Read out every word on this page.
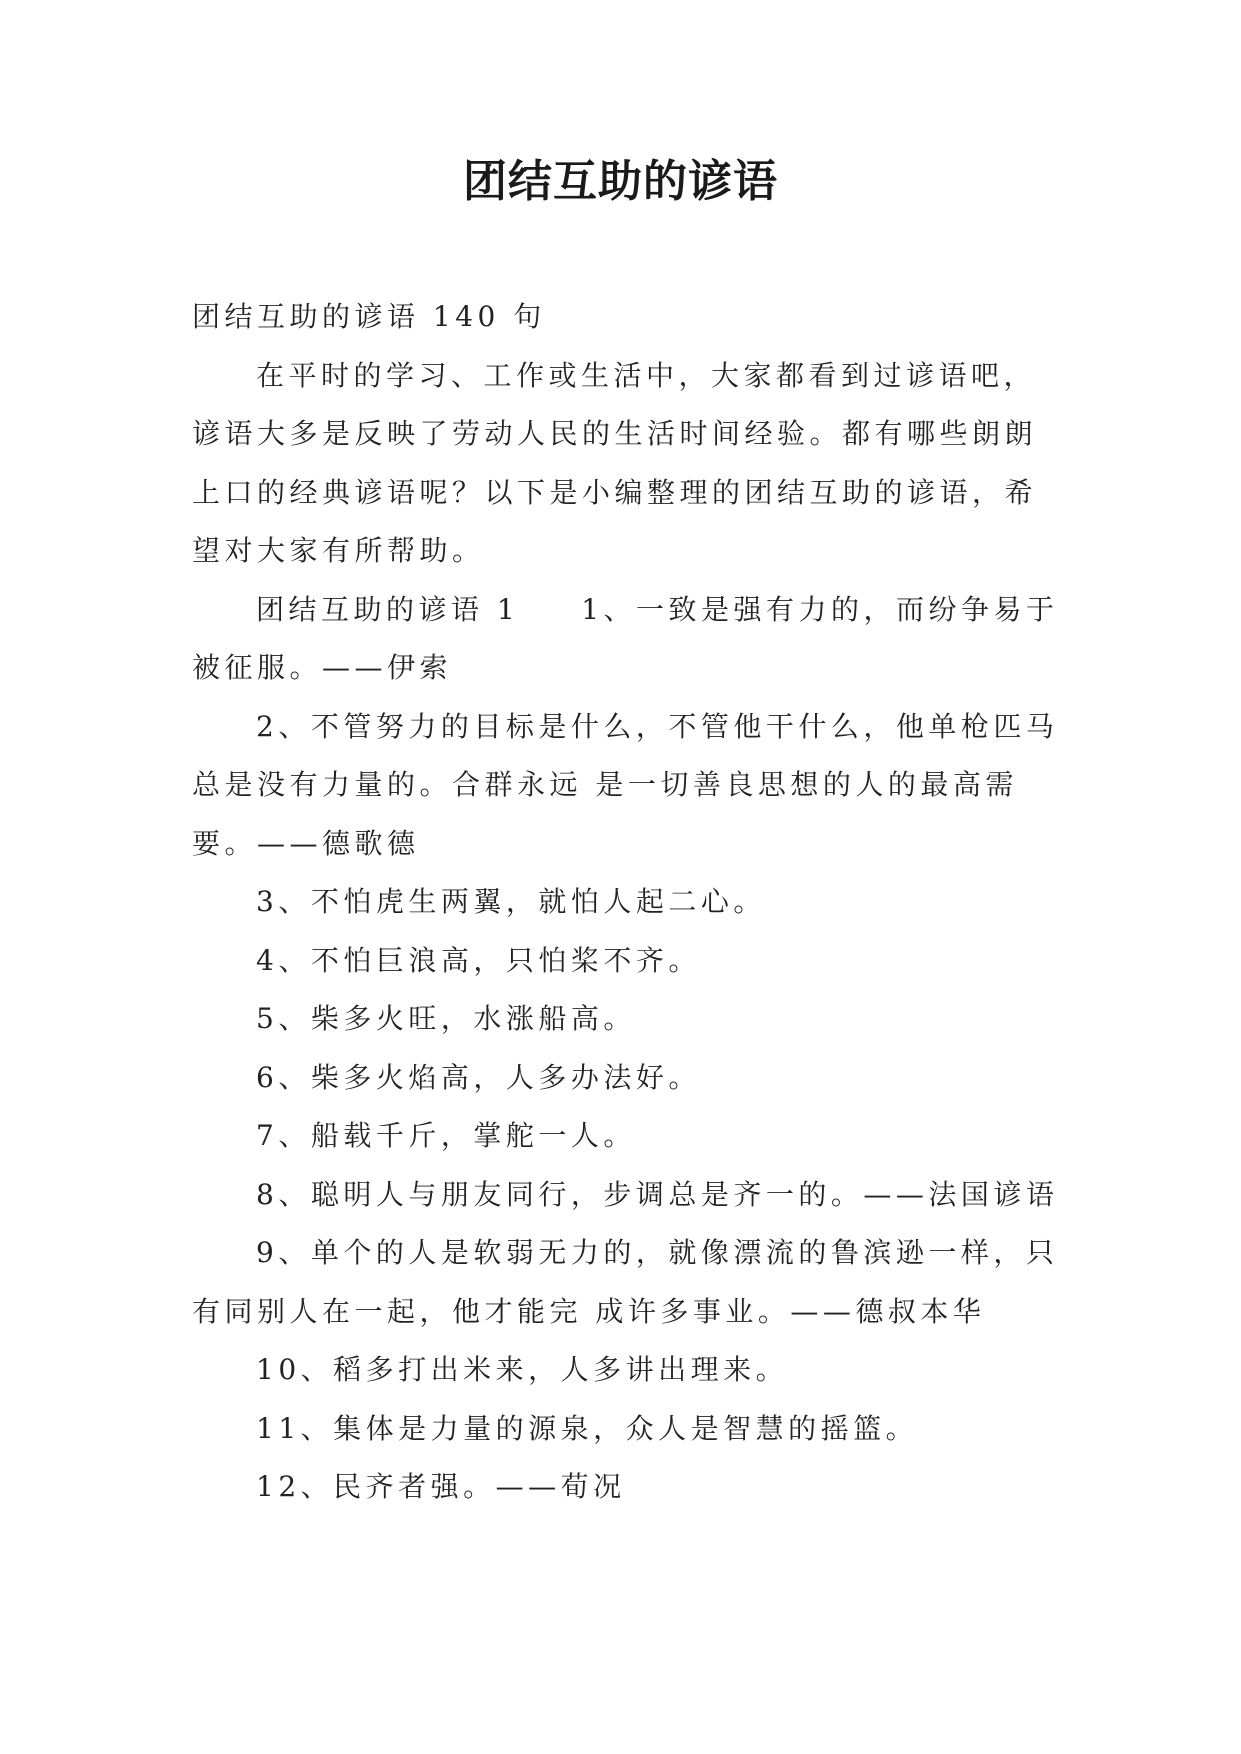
团结互助的谚语

团结互助的谚语 140 句

在平时的学习、工作或生活中，大家都看到过谚语吧，谚语大多是反映了劳动人民的生活时间经验。都有哪些朗朗上口的经典谚语呢？以下是小编整理的团结互助的谚语，希望对大家有所帮助。

团结互助的谚语 1 1、一致是强有力的，而纷争易于被征服。——伊索

2、不管努力的目标是什么，不管他干什么，他单枪匹马总是没有力量的。合群永远 是一切善良思想的人的最高需要。——德歌德

3、不怕虎生两翼，就怕人起二心。

4、不怕巨浪高，只怕桨不齐。

5、柴多火旺，水涨船高。

6、柴多火焰高，人多办法好。

7、船载千斤，掌舵一人。

8、聪明人与朋友同行，步调总是齐一的。——法国谚语

9、单个的人是软弱无力的，就像漂流的鲁滨逊一样，只有同别人在一起，他才能完 成许多事业。——德叔本华

10、稻多打出米来，人多讲出理来。

11、集体是力量的源泉，众人是智慧的摇篮。

12、民齐者强。——荀况
